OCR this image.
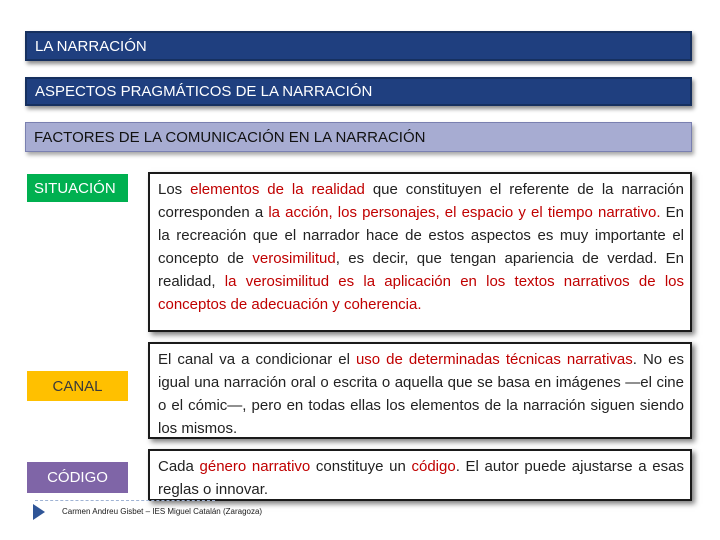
LA NARRACIÓN
ASPECTOS PRAGMÁTICOS DE LA NARRACIÓN
FACTORES DE LA COMUNICACIÓN EN LA NARRACIÓN
SITUACIÓN	Los elementos de la realidad que constituyen el referente de la narración corresponden a la acción, los personajes, el espacio y el tiempo narrativo. En la recreación que el narrador hace de estos aspectos es muy importante el concepto de verosimilitud, es decir, que tengan apariencia de verdad. En realidad, la verosimilitud es la aplicación en los textos narrativos de los conceptos de adecuación y coherencia.
CANAL
El canal va a condicionar el uso de determinadas técnicas narrativas. No es igual una narración oral o escrita o aquella que se basa en imágenes —el cine o el cómic—, pero en todas ellas los elementos de la narración siguen siendo los mismos.
CÓDIGO
Cada género narrativo constituye un código. El autor puede ajustarse a esas reglas o innovar.
Carmen Andreu Gisbet – IES Miguel Catalán (Zaragoza)
